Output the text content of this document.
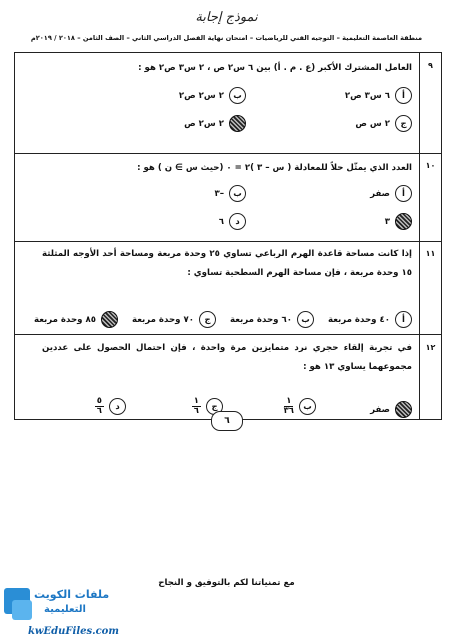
نموذج إجابة
منطقة العاصمة التعليمية – التوجيه الفني للرياضيات – امتحان نهاية الفصل الدراسي الثاني – الصف الثامن – ٢٠١٨ / ٢٠١٩م
٩
العامل المشترك الأكبر (ع . م . أ) بين ٦ س٢ ص ، ٢ س٣ ص٢ هو :
أ
٦ س٣ ص٢
ب
٢ س٢ ص٢
ج
٢ س ص
٢ س٢ ص
١٠
العدد الذي يمثّل حلاً للمعادلة ( س – ٣ )٢ = ٠ (حيث س ∋ ن ) هو :
أ
صفر
ب
–٣
٣
د
٦
١١
إذا كانت مساحة قاعدة الهرم الرباعي تساوي ٢٥ وحدة مربعة ومساحة أحد الأوجه المثلثة ١٥ وحدة مربعة ، فإن مساحة الهرم السطحية تساوي :
أ
٤٠ وحدة مربعة
ب
٦٠ وحدة مربعة
ج
٧٠ وحدة مربعة
٨٥ وحدة مربعة
١٢
في تجربة إلقاء حجري نرد متمايزين مرة واحدة ، فإن احتمال الحصول على عددين مجموعهما يساوي ١٣ هو :
صفر
ب
$\frac{١}{٣٦}$
ج
$\frac{١}{٦}$
د
$\frac{٥}{٦}$
٦
مع تمنياتنا لكم بالتوفيق و النجاح
ملفات الكويت
التعليمية
kwEduFiles.com
